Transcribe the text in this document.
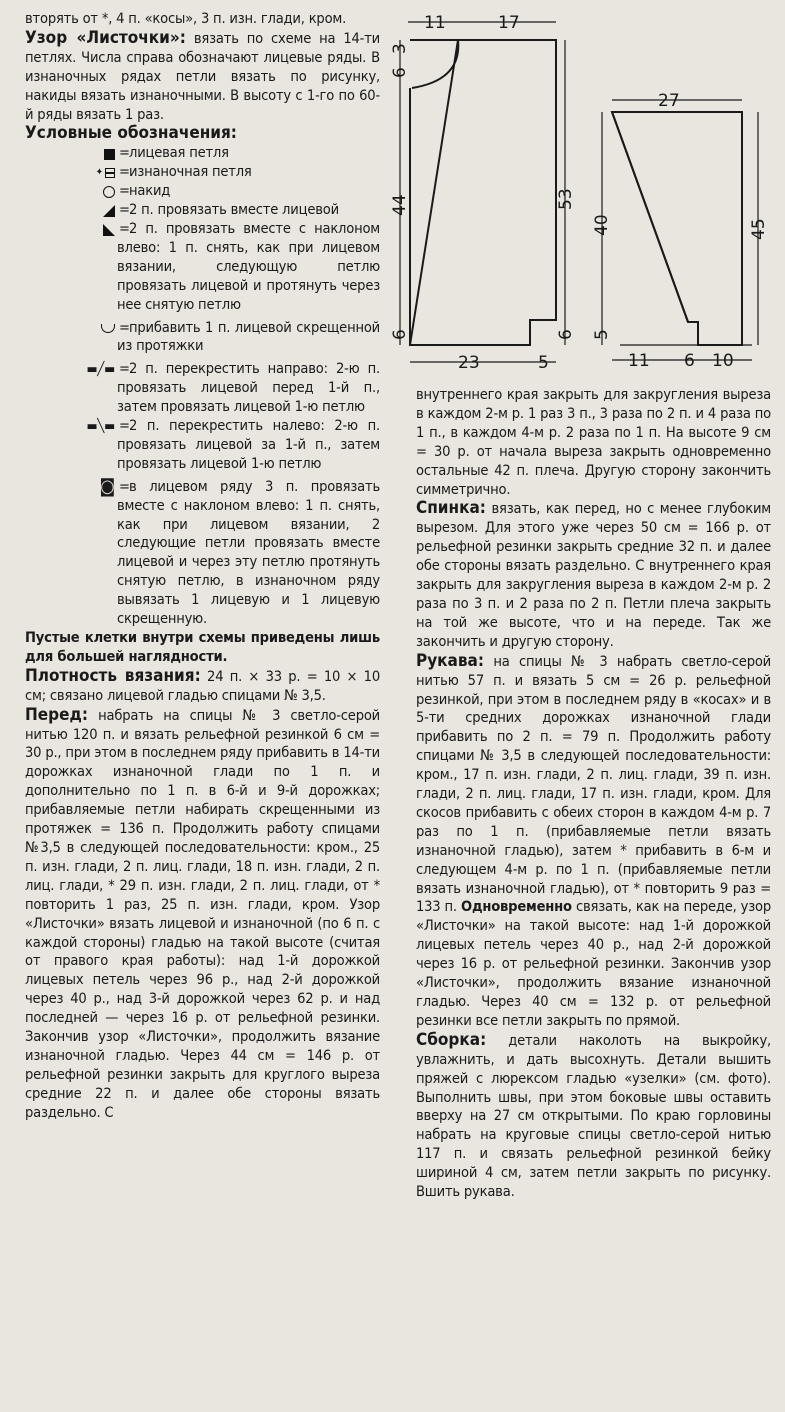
11	17
23	5
6
3
44
6
53
6
27
40
5
45
11 6 10

вторять от *, 4 п. «косы», 3 п. изн. глади, кром.

Узор «Листочки»: вязать по схеме на 14-ти петлях. Числа справа обозначают лицевые ряды. В изнаночных рядах петли вязать по рисунку, накиды вязать изнаночными. В высоту с 1-го по 60-й ряды вязать 1 раз.

Условные обозначения:

= лицевая петля
✦ = изнаночная петля
= накид
= 2 п. провязать вместе лицевой
= 2 п. провязать вместе с наклоном влево: 1 п. снять, как при лицевом вязании, следующую петлю провязать лицевой и протянуть через нее снятую петлю
= прибавить 1 п. лицевой скрещенной из протяжки
▬╱▬ = 2 п. перекрестить направо: 2-ю п. провязать лицевой перед 1-й п., затем провязать лицевой 1-ю петлю
▬╲▬ = 2 п. перекрестить налево: 2-ю п. провязать лицевой за 1-й п., затем провязать лицевой 1-ю петлю
◙ = в лицевом ряду 3 п. провязать вместе с наклоном влево: 1 п. снять, как при лицевом вязании, 2 следующие петли провязать вместе лицевой и через эту петлю протянуть снятую петлю, в изнаночном ряду вывязать 1 лицевую и 1 лицевую скрещенную.

Пустые клетки внутри схемы приведены лишь для большей наглядности.

Плотность вязания: 24 п. × 33 р. = 10 × 10 см; связано лицевой гладью спицами № 3,5.

Перед: набрать на спицы № 3 светло-серой нитью 120 п. и вязать рельефной резинкой 6 см = 30 р., при этом в последнем ряду прибавить в 14-ти дорожках изнаночной глади по 1 п. и дополнительно по 1 п. в 6-й и 9-й дорожках; прибавляемые петли набирать скрещенными из протяжек = 136 п. Продолжить работу спицами №3,5 в следующей последовательности: кром., 25 п. изн. глади, 2 п. лиц. глади, 18 п. изн. глади, 2 п. лиц. глади, * 29 п. изн. глади, 2 п. лиц. глади, от * повторить 1 раз, 25 п. изн. глади, кром. Узор «Листочки» вязать лицевой и изнаночной (по 6 п. с каждой стороны) гладью на такой высоте (считая от правого края работы): над 1-й дорожкой лицевых петель через 96 р., над 2-й дорожкой через 40 р., над 3-й дорожкой через 62 р. и над последней — через 16 р. от рельефной резинки. Закончив узор «Листочки», продолжить вязание изнаночной гладью. Через 44 см = 146 р. от рельефной резинки закрыть для круглого выреза средние 22 п. и далее обе стороны вязать раздельно. С

внутреннего края закрыть для закругления выреза в каждом 2-м р. 1 раз 3 п., 3 раза по 2 п. и 4 раза по 1 п., в каждом 4-м р. 2 раза по 1 п. На высоте 9 см = 30 р. от начала выреза закрыть одновременно остальные 42 п. плеча. Другую сторону закончить симметрично.

Спинка: вязать, как перед, но с менее глубоким вырезом. Для этого уже через 50 см = 166 р. от рельефной резинки закрыть средние 32 п. и далее обе стороны вязать раздельно. С внутреннего края закрыть для закругления выреза в каждом 2-м р. 2 раза по 3 п. и 2 раза по 2 п. Петли плеча закрыть на той же высоте, что и на переде. Так же закончить и другую сторону.

Рукава: на спицы № 3 набрать светло-серой нитью 57 п. и вязать 5 см = 26 р. рельефной резинкой, при этом в последнем ряду в «косах» и в 5-ти средних дорожках изнаночной глади прибавить по 2 п. = 79 п. Продолжить работу спицами № 3,5 в следующей последовательности: кром., 17 п. изн. глади, 2 п. лиц. глади, 39 п. изн. глади, 2 п. лиц. глади, 17 п. изн. глади, кром. Для скосов прибавить с обеих сторон в каждом 4-м р. 7 раз по 1 п. (прибавляемые петли вязать изнаночной гладью), затем * прибавить в 6-м и следующем 4-м р. по 1 п. (прибавляемые петли вязать изнаночной гладью), от * повторить 9 раз = 133 п. Одновременно связать, как на переде, узор «Листочки» на такой высоте: над 1-й дорожкой лицевых петель через 40 р., над 2-й дорожкой через 16 р. от рельефной резинки. Закончив узор «Листочки», продолжить вязание изнаночной гладью. Через 40 см = 132 р. от рельефной резинки все петли закрыть по прямой.

Сборка: детали наколоть на выкройку, увлажнить, и дать высохнуть. Детали вышить пряжей с люрексом гладью «узелки» (см. фото). Выполнить швы, при этом боковые швы оставить вверху на 27 см открытыми. По краю горловины набрать на круговые спицы светло-серой нитью 117 п. и связать рельефной резинкой бейку шириной 4 см, затем петли закрыть по рисунку. Вшить рукава.
